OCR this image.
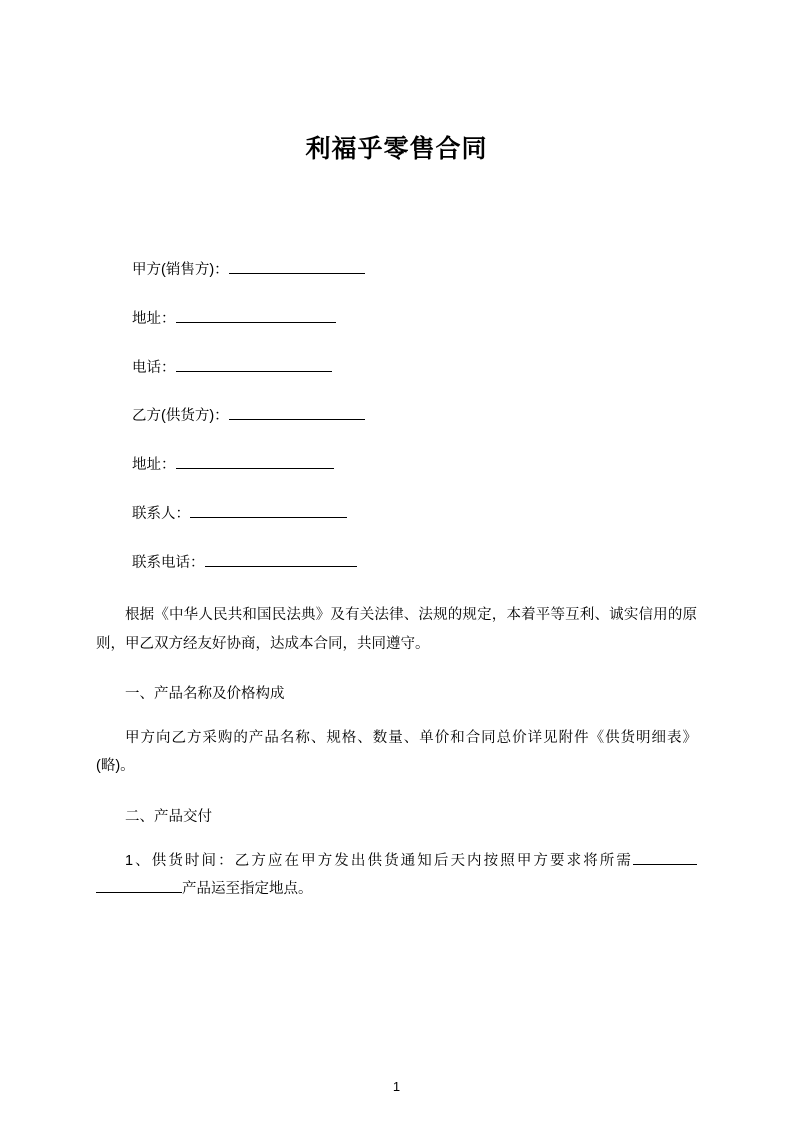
利福乎零售合同

甲方(销售方)：

地址：

电话：

乙方(供货方)：

地址：

联系人：

联系电话：

根据《中华人民共和国民法典》及有关法律、法规的规定，本着平等互利、诚实信用的原则，甲乙双方经友好协商，达成本合同，共同遵守。

一、产品名称及价格构成

甲方向乙方采购的产品名称、规格、数量、单价和合同总价详见附件《供货明细表》(略)。

二、产品交付

1、供货时间：乙方应在甲方发出供货通知后天内按照甲方要求将所需产品运至指定地点。

1
